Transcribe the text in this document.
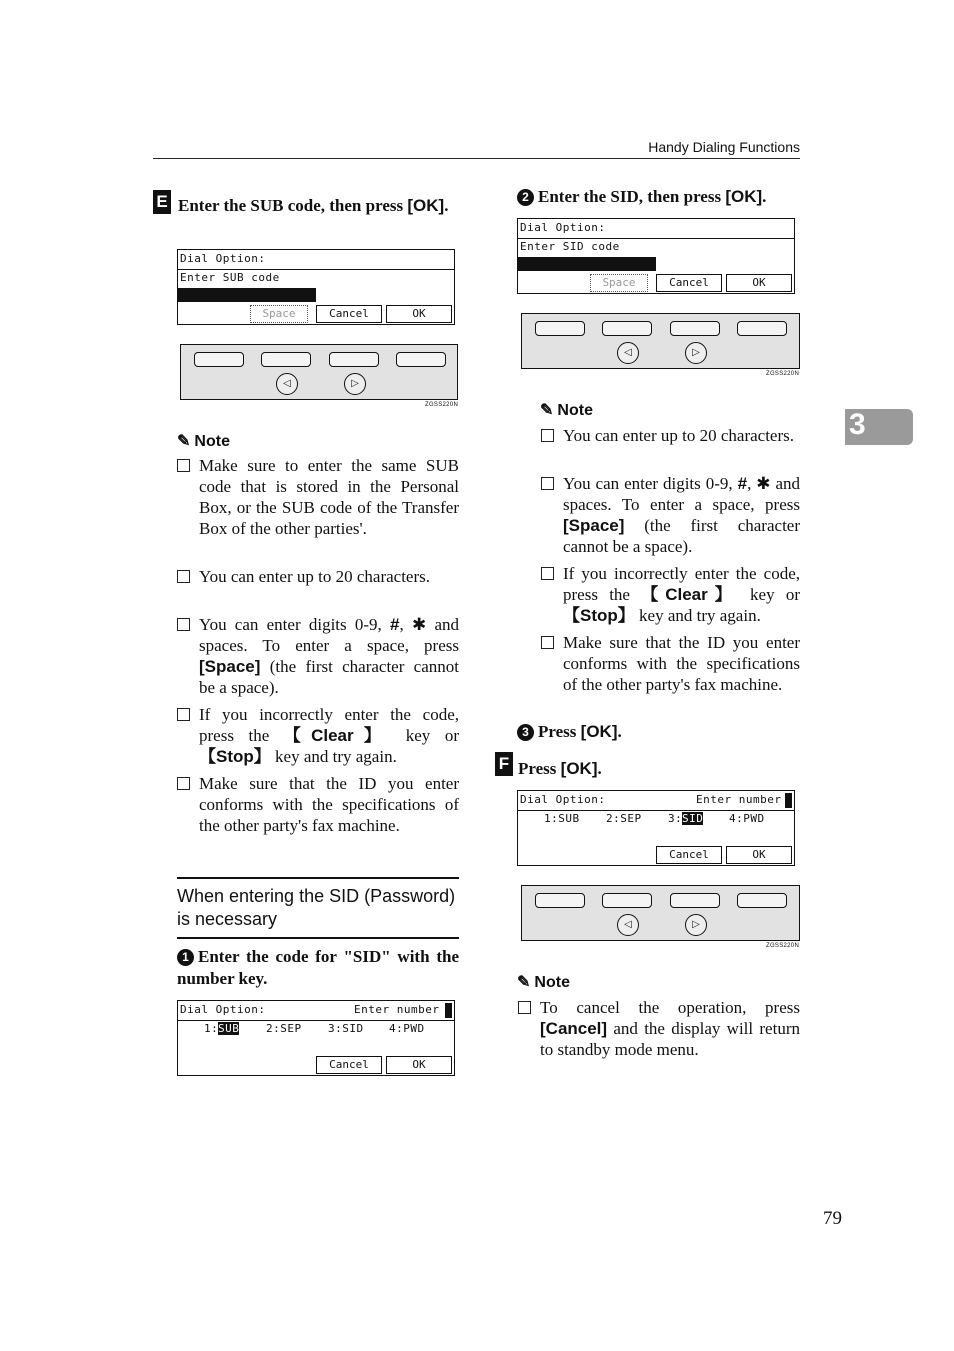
Handy Dialing Functions
3
E Enter the SUB code, then press [OK].
Dial Option:
Enter SUB code
Space	Cancel	OK
◁	▷
ZGSS220N
✎ Note
Make sure to enter the same SUB code that is stored in the Personal Box, or the SUB code of the Transfer Box of the other parties'.
You can enter up to 20 characters.
You can enter digits 0-9, #, ✱ and spaces. To enter a space, press [Space] (the first character cannot be a space).
If you incorrectly enter the code, press the 【Clear】 key or 【Stop】 key and try again.
Make sure that the ID you enter conforms with the specifications of the other party's fax machine.
When entering the SID (Password) is necessary
1 Enter the code for "SID" with the number key.
Dial Option:	Enter number
1: SUB 2:SEP 3:SID 4:PWD
Cancel	OK
2 Enter the SID, then press [OK].
Dial Option:
Enter SID code
Space	Cancel	OK
◁	▷
ZGSS220N
✎ Note
You can enter up to 20 characters.
You can enter digits 0-9, #, ✱ and spaces. To enter a space, press [Space] (the first character cannot be a space).
If you incorrectly enter the code, press the 【Clear】 key or 【Stop】 key and try again.
Make sure that the ID you enter conforms with the specifications of the other party's fax machine.
3 Press [OK].
F Press [OK].
Dial Option:	Enter number
1:SUB 2:SEP 3: SID 4:PWD
Cancel	OK
◁	▷
ZGSS220N
✎ Note
To cancel the operation, press [Cancel] and the display will return to standby mode menu.
79
